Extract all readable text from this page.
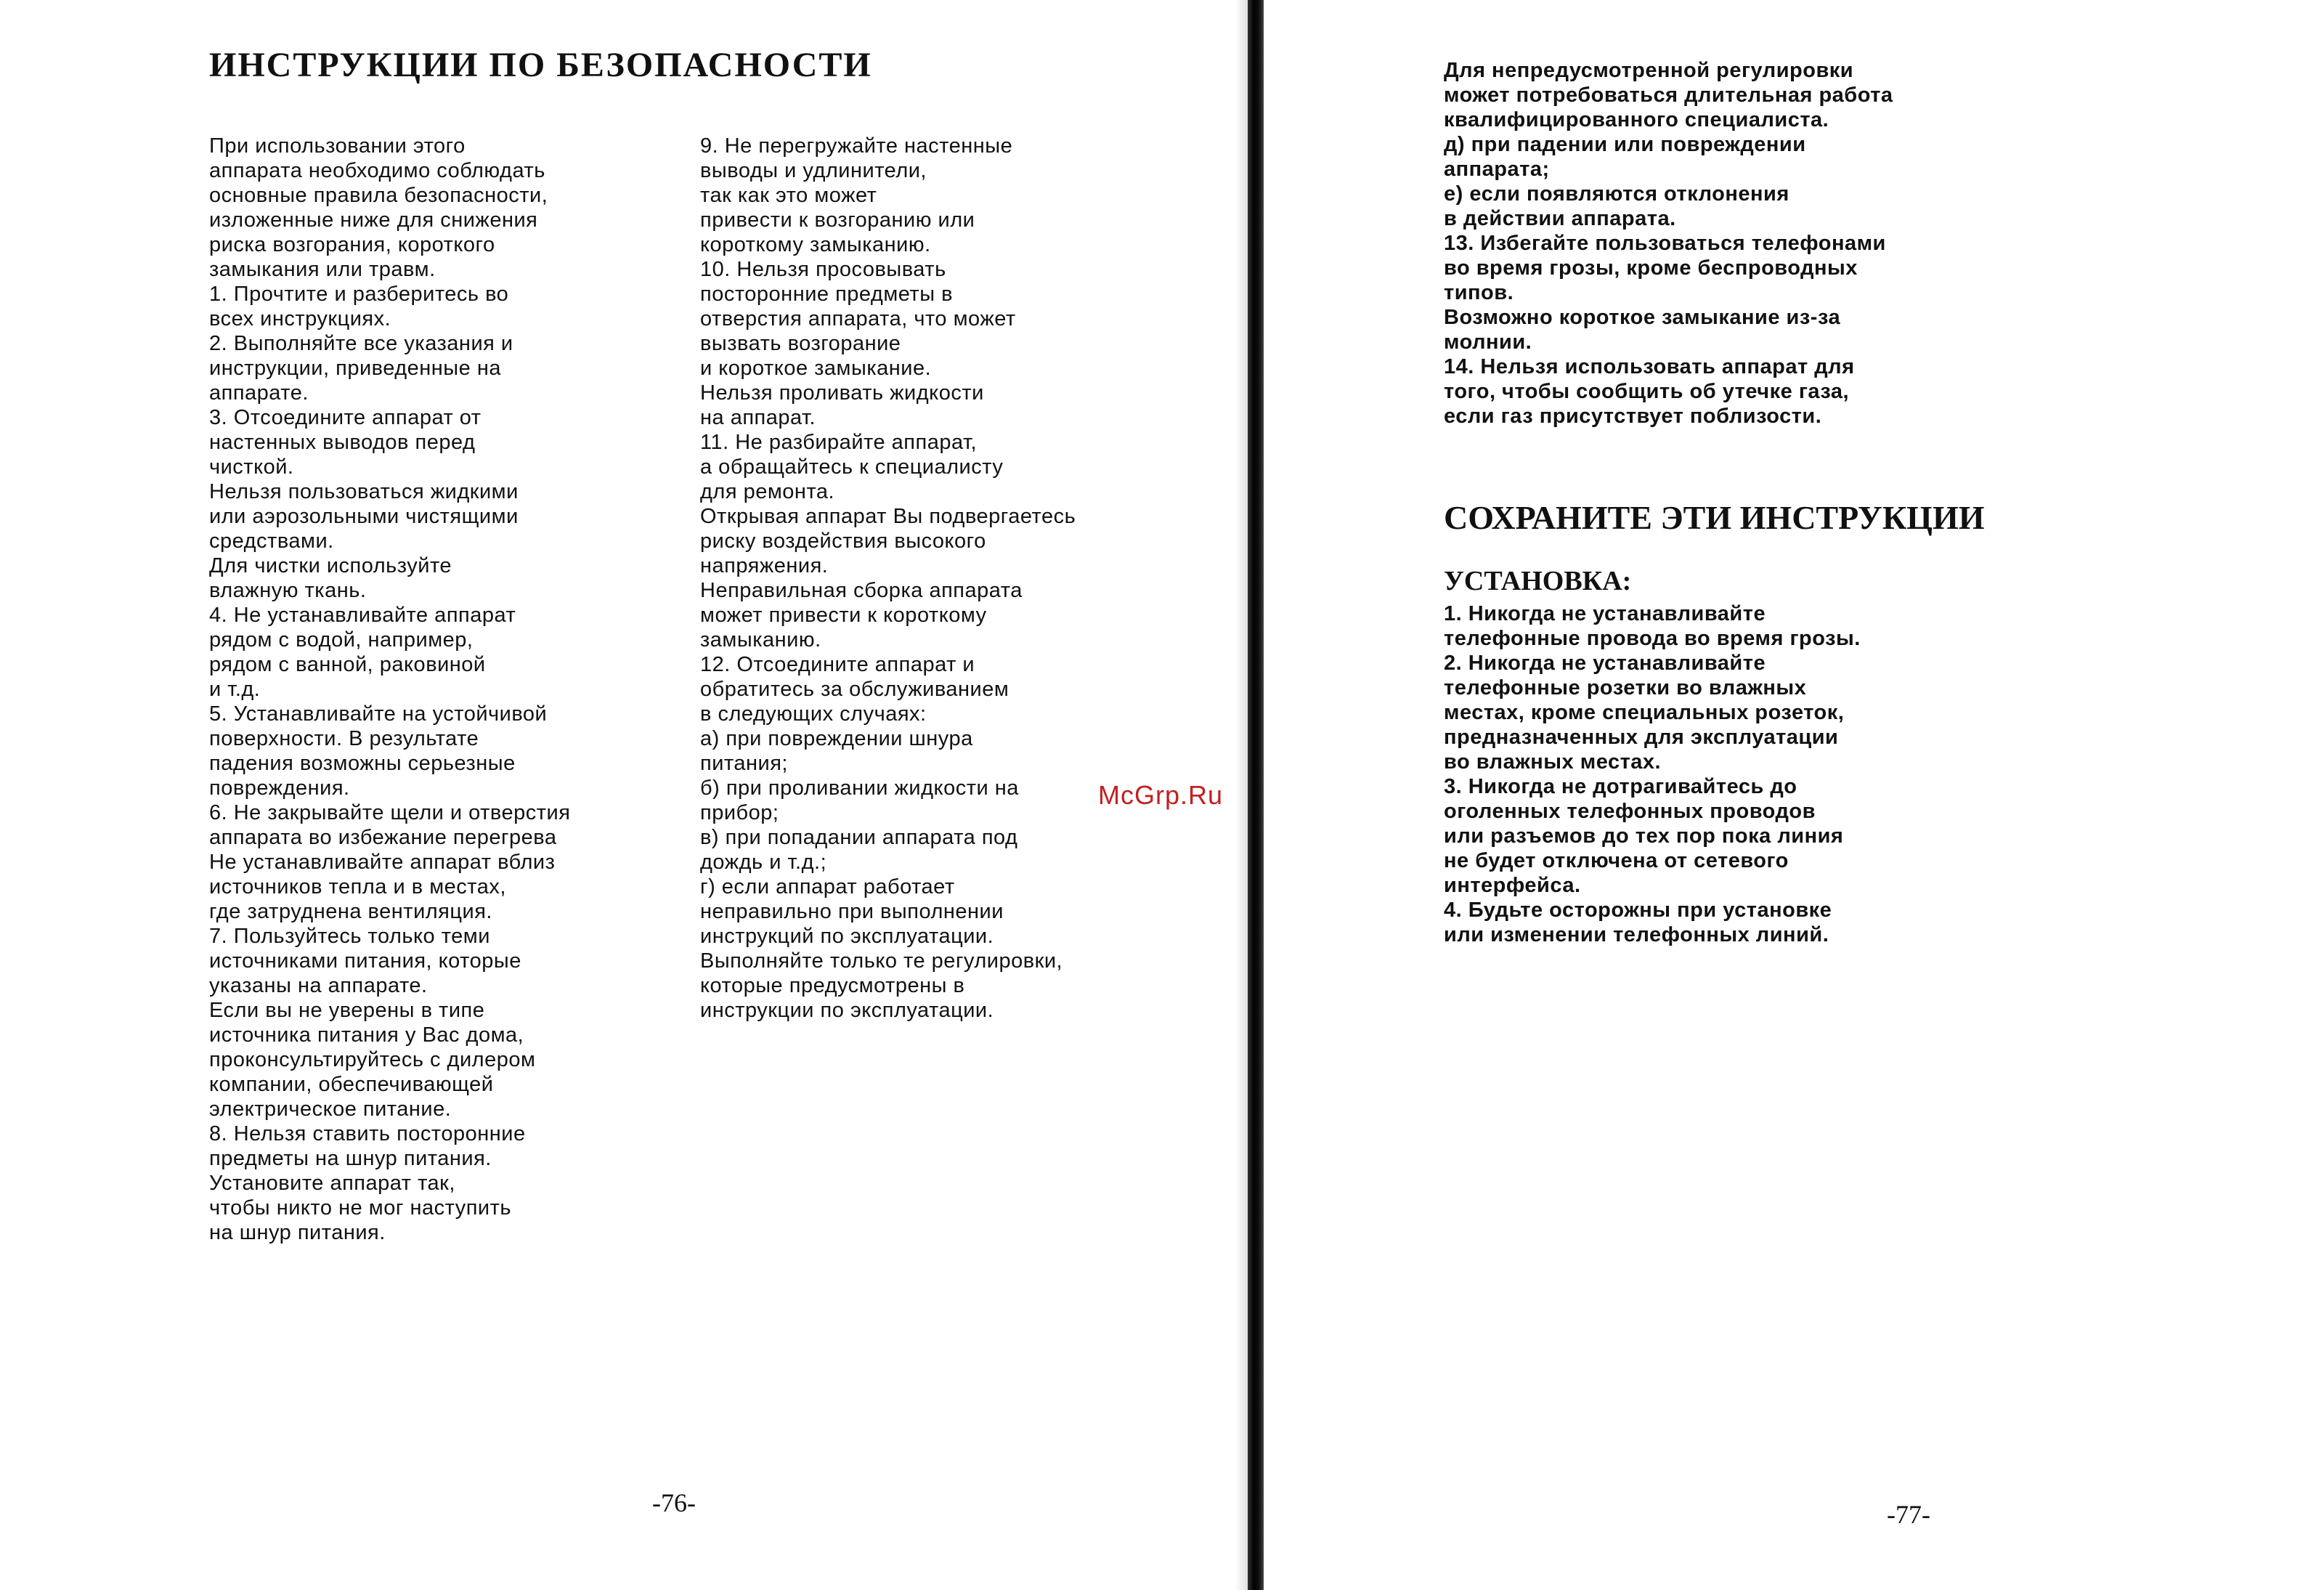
ИНСТРУКЦИИ ПО БЕЗОПАСНОСТИ
При использовании этого
аппарата необходимо соблюдать
основные правила безопасности,
изложенные ниже для снижения
риска возгорания, короткого
замыкания или травм.
1. Прочтите и разберитесь во
всех инструкциях.
2. Выполняйте все указания и
инструкции, приведенные на
аппарате.
3. Отсоедините аппарат от
настенных выводов перед
чисткой.
Нельзя пользоваться жидкими
или аэрозольными чистящими
средствами.
Для чистки используйте
влажную ткань.
4. Не устанавливайте аппарат
рядом с водой, например,
рядом с ванной, раковиной
и т.д.
5. Устанавливайте на устойчивой
поверхности. В результате
падения возможны серьезные
повреждения.
6. Не закрывайте щели и отверстия
аппарата во избежание перегрева
Не устанавливайте аппарат вблиз
источников тепла и в местах,
где затруднена вентиляция.
7. Пользуйтесь только теми
источниками питания, которые
указаны на аппарате.
Если вы не уверены в типе
источника питания у Вас дома,
проконсультируйтесь с дилером
компании, обеспечивающей
электрическое питание.
8. Нельзя ставить посторонние
предметы на шнур питания.
Установите аппарат так,
чтобы никто не мог наступить
на шнур питания.
9. Не перегружайте настенные
выводы и удлинители,
так как это может
привести к возгоранию или
короткому замыканию.
10. Нельзя просовывать
посторонние предметы в
отверстия аппарата, что может
вызвать возгорание
и короткое замыкание.
Нельзя проливать жидкости
на аппарат.
11. Не разбирайте аппарат,
а обращайтесь к специалисту
для ремонта.
Открывая аппарат Вы подвергаетесь
риску воздействия высокого
напряжения.
Неправильная сборка аппарата
может привести к короткому
замыканию.
12. Отсоедините аппарат и
обратитесь за обслуживанием
в следующих случаях:
а) при повреждении шнура
питания;
б) при проливании жидкости на
прибор;
в) при попадании аппарата под
дождь и т.д.;
г) если аппарат работает
неправильно при выполнении
инструкций по эксплуатации.
Выполняйте только те регулировки,
которые предусмотрены в
инструкции по эксплуатации.
-76-
McGrp.Ru
Для непредусмотренной регулировки
может потребоваться длительная работа
квалифицированного специалиста.
д) при падении или повреждении
аппарата;
е) если появляются отклонения
в действии аппарата.
13. Избегайте пользоваться телефонами
во время грозы, кроме беспроводных
типов.
Возможно короткое замыкание из-за
молнии.
14. Нельзя использовать аппарат для
того, чтобы сообщить об утечке газа,
если газ присутствует поблизости.
СОХРАНИТЕ ЭТИ ИНСТРУКЦИИ
УСТАНОВКА:
1. Никогда не устанавливайте
телефонные провода во время грозы.
2. Никогда не устанавливайте
телефонные розетки во влажных
местах, кроме специальных розеток,
предназначенных для эксплуатации
во влажных местах.
3. Никогда не дотрагивайтесь до
оголенных телефонных проводов
или разъемов до тех пор пока линия
не будет отключена от сетевого
интерфейса.
4. Будьте осторожны при установке
или изменении телефонных линий.
-77-
